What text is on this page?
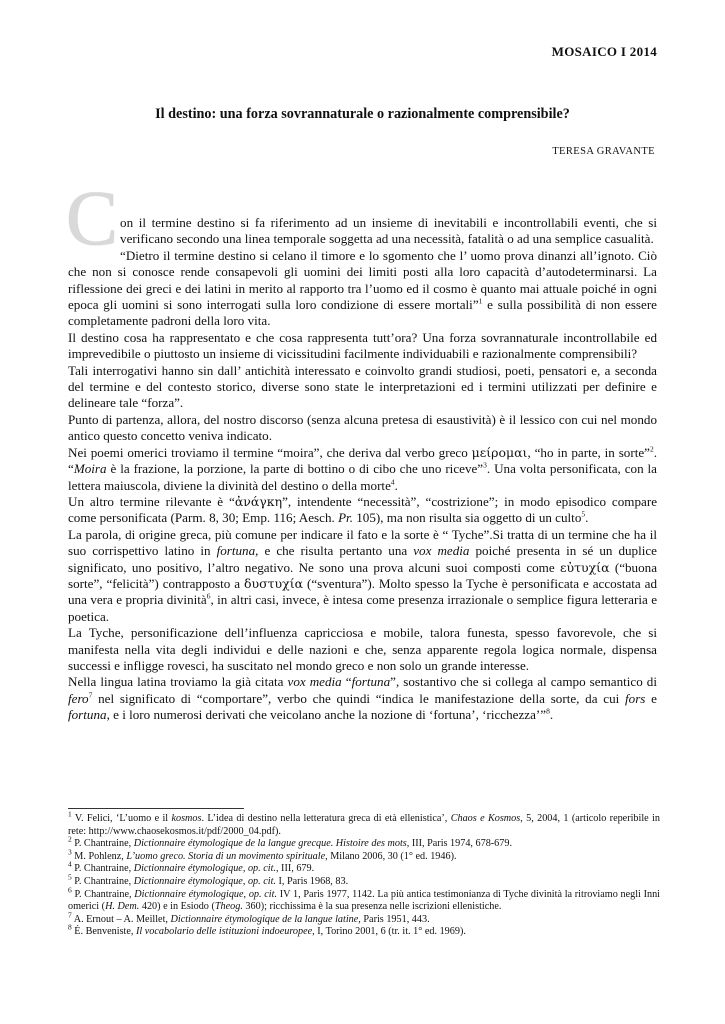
MOSAICO I 2014
Il destino: una forza sovrannaturale o razionalmente comprensibile?
TERESA GRAVANTE
C on il termine destino si fa riferimento ad un insieme di inevitabili e incontrollabili eventi, che si verificano secondo una linea temporale soggetta ad una necessità, fatalità o ad una semplice casualità.

“Dietro il termine destino si celano il timore e lo sgomento che l’ uomo prova dinanzi all’ignoto. Ciò che non si conosce rende consapevoli gli uomini dei limiti posti alla loro capacità d’autodeterminarsi. La riflessione dei greci e dei latini in merito al rapporto tra l’uomo ed il cosmo è quanto mai attuale poiché in ogni epoca gli uomini si sono interrogati sulla loro condizione di essere mortali”$^1$ e sulla possibilità di non essere completamente padroni della loro vita.

Il destino cosa ha rappresentato e che cosa rappresenta tutt’ora? Una forza sovrannaturale incontrollabile ed imprevedibile o piuttosto un insieme di vicissitudini facilmente individuabili e razionalmente comprensibili?

Tali interrogativi hanno sin dall’ antichità interessato e coinvolto grandi studiosi, poeti, pensatori e, a seconda del termine e del contesto storico, diverse sono state le interpretazioni ed i termini utilizzati per definire e delineare tale “forza”.

Punto di partenza, allora, del nostro discorso (senza alcuna pretesa di esaustività) è il lessico con cui nel mondo antico questo concetto veniva indicato.

Nei poemi omerici troviamo il termine “moira”, che deriva dal verbo greco μείρομαι, “ho in parte, in sorte”$^2$. “Moira è la frazione, la porzione, la parte di bottino o di cibo che uno riceve”$^3$. Una volta personificata, con la lettera maiuscola, diviene la divinità del destino o della morte$^4$.

Un altro termine rilevante è “ἀνάγκη”, intendente “necessità”, “costrizione”; in modo episodico compare come personificata (Parm. 8, 30; Emp. 116; Aesch. Pr. 105), ma non risulta sia oggetto di un culto$^5$.

La parola, di origine greca, più comune per indicare il fato e la sorte è “ Tyche”.Si tratta di un termine che ha il suo corrispettivo latino in fortuna, e che risulta pertanto una vox media poiché presenta in sé un duplice significato, uno positivo, l’altro negativo. Ne sono una prova alcuni suoi composti come εὐτυχία (“buona sorte”, “felicità”) contrapposto a δυστυχία (“sventura”). Molto spesso la Tyche è personificata e accostata ad una vera e propria divinità$^6$, in altri casi, invece, è intesa come presenza irrazionale o semplice figura letteraria e poetica.

La Tyche, personificazione dell’influenza capricciosa e mobile, talora funesta, spesso favorevole, che si manifesta nella vita degli individui e delle nazioni e che, senza apparente regola logica normale, dispensa successi e infligge rovesci, ha suscitato nel mondo greco e non solo un grande interesse.

Nella lingua latina troviamo la già citata vox media “fortuna”, sostantivo che si collega al campo semantico di fero$^7$ nel significato di “comportare”, verbo che quindi “indica le manifestazione della sorte, da cui fors e fortuna, e i loro numerosi derivati che veicolano anche la nozione di ‘fortuna’, ‘ricchezza’”$^8$.

$^1$ V. Felici, ‘L’uomo e il kosmos. L’idea di destino nella letteratura greca di età ellenistica’, Chaos e Kosmos, 5, 2004, 1 (articolo reperibile in rete: http://www.chaosekosmos.it/pdf/2000_04.pdf).

$^2$ P. Chantraine, Dictionnaire étymologique de la langue grecque. Histoire des mots, III, Paris 1974, 678-679.

$^3$ M. Pohlenz, L’uomo greco. Storia di un movimento spirituale, Milano 2006, 30 (1° ed. 1946).

$^4$ P. Chantraine, Dictionnaire étymologique, op. cit., III, 679.

$^5$ P. Chantraine, Dictionnaire étymologique, op. cit. I, Paris 1968, 83.

$^6$ P. Chantraine, Dictionnaire étymologique, op. cit. IV 1, Paris 1977, 1142. La più antica testimonianza di Tyche divinità la ritroviamo negli Inni omerici (H. Dem. 420) e in Esiodo (Theog. 360); ricchissima è la sua presenza nelle iscrizioni ellenistiche.

$^7$ A. Ernout – A. Meillet, Dictionnaire étymologique de la langue latine, Paris 1951, 443.

$^8$ É. Benveniste, Il vocabolario delle istituzioni indoeuropee, I, Torino 2001, 6 (tr. it. 1° ed. 1969).
